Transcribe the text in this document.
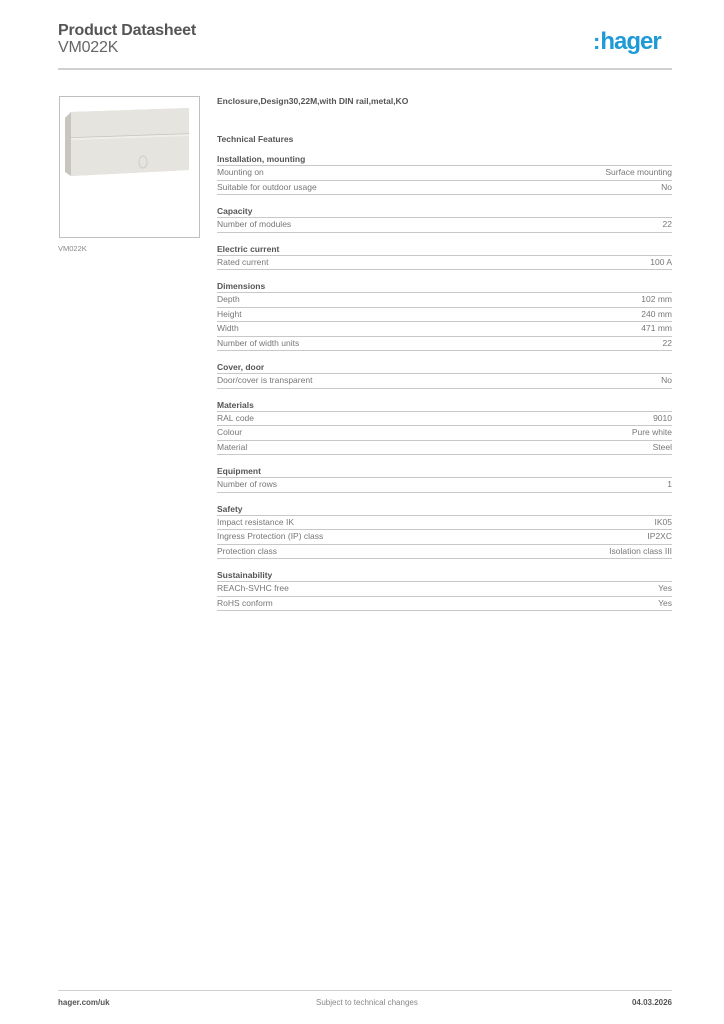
Product Datasheet
VM022K	:hager
VM022K
Enclosure,Design30,22M,with DIN rail,metal,KO
Technical Features
Installation, mounting
Mounting on	Surface mounting
Suitable for outdoor usage	No
Capacity
Number of modules	22
Electric current
Rated current	100 A
Dimensions
Depth	102 mm
Height	240 mm
Width	471 mm
Number of width units	22
Cover, door
Door/cover is transparent	No
Materials
RAL code	9010
Colour	Pure white
Material	Steel
Equipment
Number of rows	1
Safety
Impact resistance IK	IK05
Ingress Protection (IP) class	IP2XC
Protection class	Isolation class III
Sustainability
REACh-SVHC free	Yes
RoHS conform	Yes
hager.com/uk	Subject to technical changes	04.03.2026
